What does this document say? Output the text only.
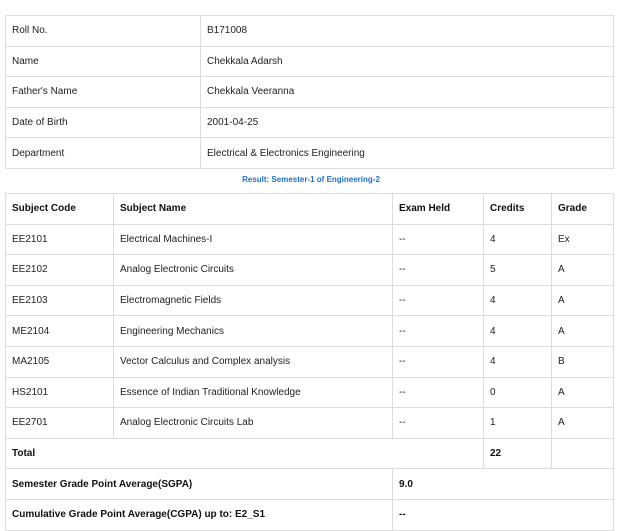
Roll No.	B171008
Name	Chekkala Adarsh
Father's Name	Chekkala Veeranna
Date of Birth	2001-04-25
Department	Electrical & Electronics Engineering
Result: Semester-1 of Engineering-2
Subject Code	Subject Name	Exam Held	Credits	Grade
EE2101	Electrical Machines-I	--	4	Ex
EE2102	Analog Electronic Circuits	--	5	A
EE2103	Electromagnetic Fields	--	4	A
ME2104	Engineering Mechanics	--	4	A
MA2105	Vector Calculus and Complex analysis	--	4	B
HS2101	Essence of Indian Traditional Knowledge	--	0	A
EE2701	Analog Electronic Circuits Lab	--	1	A
Total			22	
Semester Grade Point Average(SGPA)		9.0		
Cumulative Grade Point Average(CGPA) up to: E2_S1		--		
